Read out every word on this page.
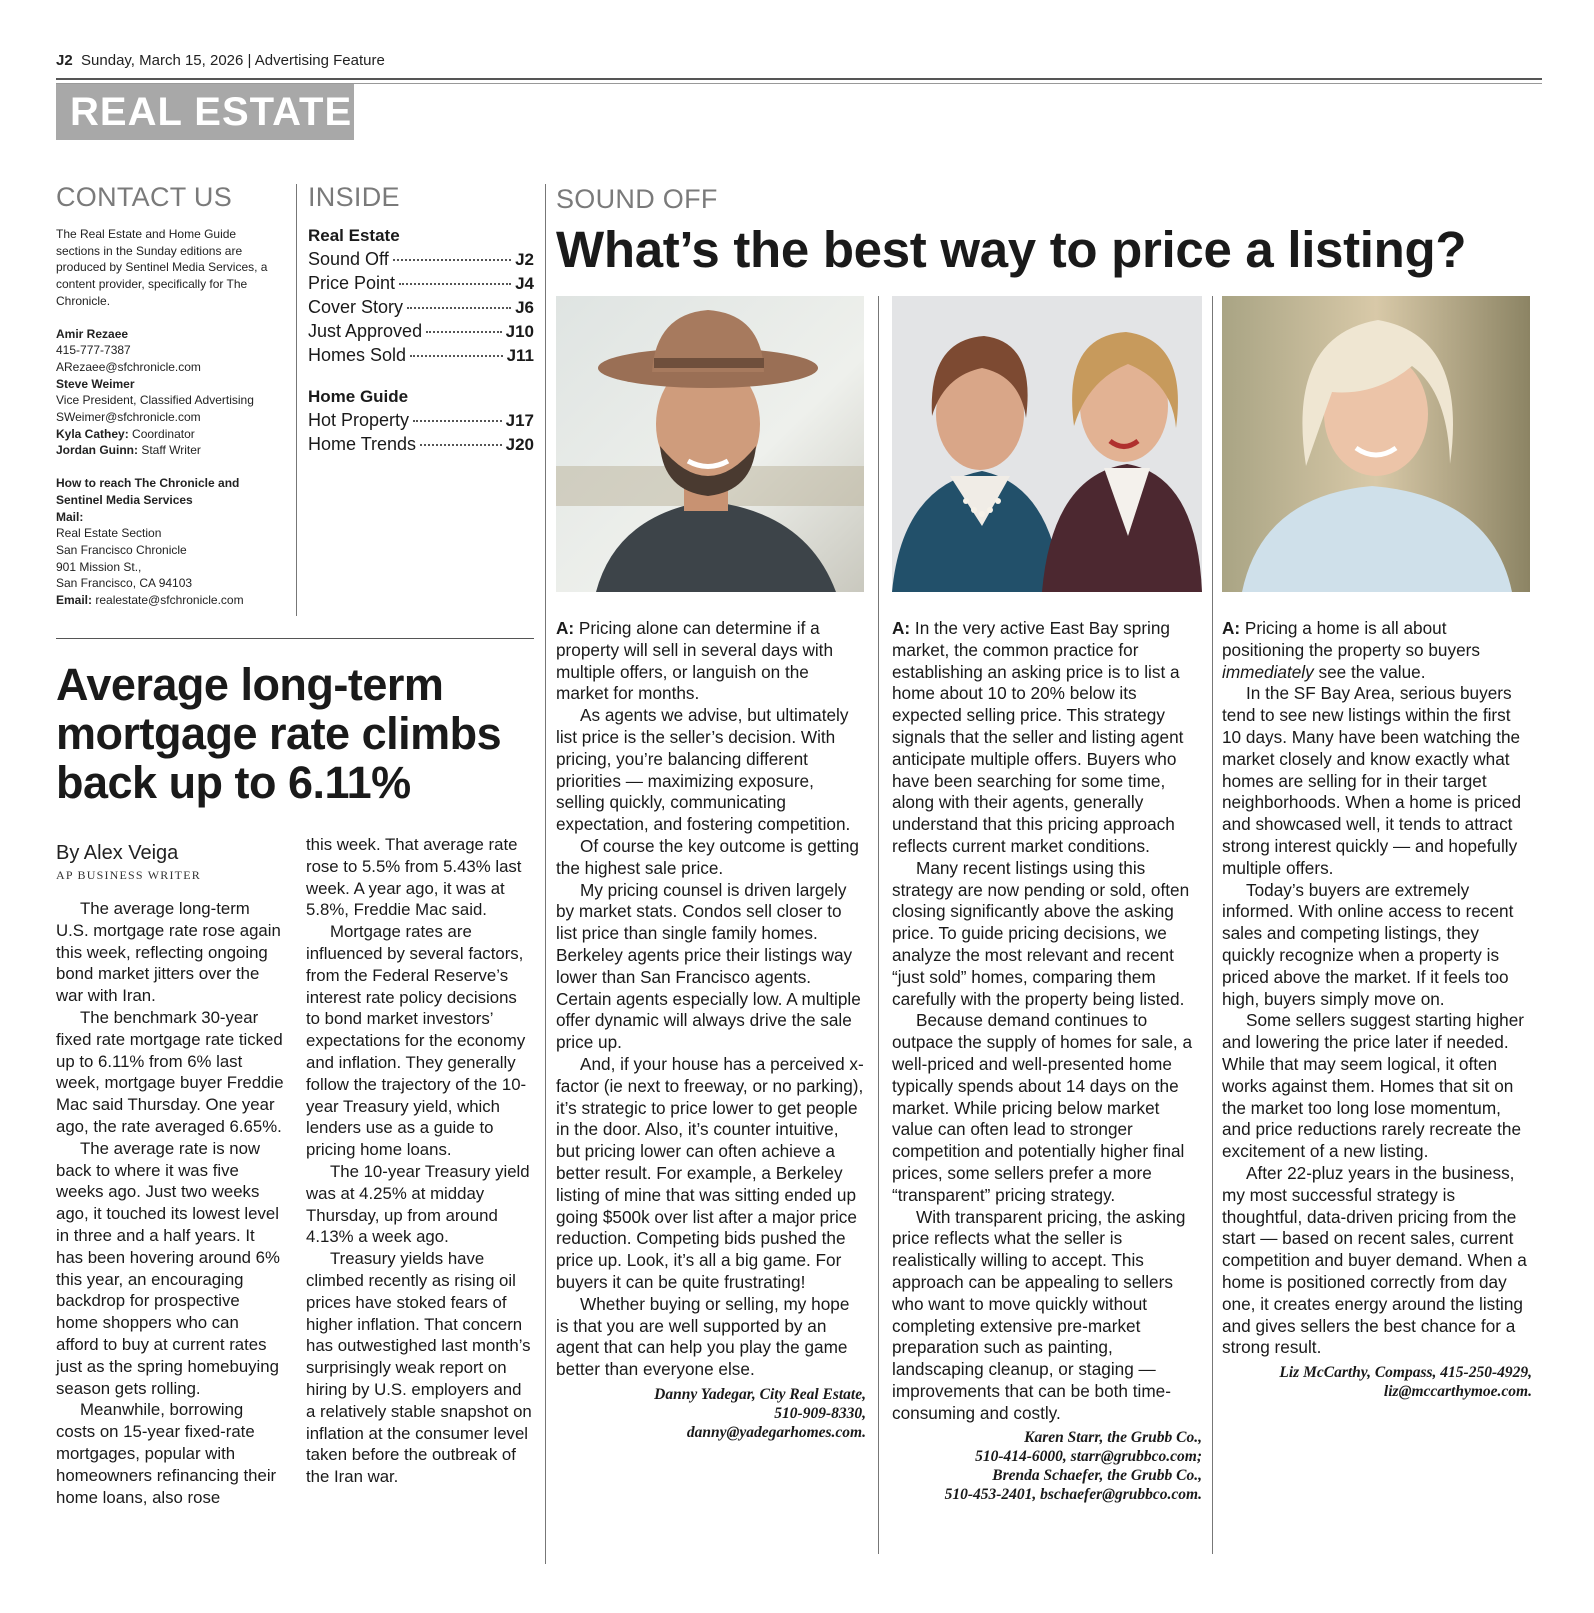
J2 Sunday, March 15, 2026 | Advertising Feature
REAL ESTATE
CONTACT US

The Real Estate and Home Guide sections in the Sunday editions are produced by Sentinel Media Services, a content provider, specifically for The Chronicle.

Amir Rezaee
415-777-7387
ARezaee@sfchronicle.com
Steve Weimer
Vice President, Classified Advertising
SWeimer@sfchronicle.com
Kyla Cathey: Coordinator
Jordan Guinn: Staff Writer

How to reach The Chronicle and Sentinel Media Services
Mail:
Real Estate Section
San Francisco Chronicle
901 Mission St.,
San Francisco, CA 94103
Email: realestate@sfchronicle.com

INSIDE
Real Estate
Sound Off	J2
Price Point	J4
Cover Story	J6
Just Approved	J10
Homes Sold	J11
Home Guide
Hot Property	J17
Home Trends	J20
Average long-term mortgage rate climbs back up to 6.11%
By Alex Veiga
AP BUSINESS WRITER

The average long-term U.S. mortgage rate rose again this week, reflecting ongoing bond market jitters over the war with Iran.

The benchmark 30-year fixed rate mortgage rate ticked up to 6.11% from 6% last week, mortgage buyer Freddie Mac said Thursday. One year ago, the rate averaged 6.65%.

The average rate is now back to where it was five weeks ago. Just two weeks ago, it touched its lowest level in three and a half years. It has been hovering around 6% this year, an encouraging backdrop for prospective home shoppers who can afford to buy at current rates just as the spring homebuying season gets rolling.

Meanwhile, borrowing costs on 15-year fixed-rate mortgages, popular with homeowners refinancing their home loans, also rose

this week. That average rate rose to 5.5% from 5.43% last week. A year ago, it was at 5.8%, Freddie Mac said.

Mortgage rates are influenced by several factors, from the Federal Reserve’s interest rate policy decisions to bond market investors’ expectations for the economy and inflation. They generally follow the trajectory of the 10-year Treasury yield, which lenders use as a guide to pricing home loans.

The 10-year Treasury yield was at 4.25% at midday Thursday, up from around 4.13% a week ago.

Treasury yields have climbed recently as rising oil prices have stoked fears of higher inflation. That concern has outwestighed last month’s surprisingly weak report on hiring by U.S. employers and a relatively stable snapshot on inflation at the consumer level taken before the outbreak of the Iran war.

SOUND OFF
What’s the best way to price a listing?

A: Pricing alone can determine if a property will sell in several days with multiple offers, or languish on the market for months.

As agents we advise, but ultimately list price is the seller’s decision. With pricing, you’re balancing different priorities — maximizing exposure, selling quickly, communicating expectation, and fostering competition.

Of course the key outcome is getting the highest sale price.

My pricing counsel is driven largely by market stats. Condos sell closer to list price than single family homes. Berkeley agents price their listings way lower than San Francisco agents. Certain agents especially low. A multiple offer dynamic will always drive the sale price up.

And, if your house has a perceived x-factor (ie next to freeway, or no parking), it’s strategic to price lower to get people in the door. Also, it’s counter intuitive, but pricing lower can often achieve a better result. For example, a Berkeley listing of mine that was sitting ended up going $500k over list after a major price reduction. Competing bids pushed the price up. Look, it’s all a big game. For buyers it can be quite frustrating!

Whether buying or selling, my hope is that you are well supported by an agent that can help you play the game better than everyone else.

Danny Yadegar, City Real Estate,
510-909-8330,
danny@yadegarhomes.com.

A: In the very active East Bay spring market, the common practice for establishing an asking price is to list a home about 10 to 20% below its expected selling price. This strategy signals that the seller and listing agent anticipate multiple offers. Buyers who have been searching for some time, along with their agents, generally understand that this pricing approach reflects current market conditions.

Many recent listings using this strategy are now pending or sold, often closing significantly above the asking price. To guide pricing decisions, we analyze the most relevant and recent “just sold” homes, comparing them carefully with the property being listed.

Because demand continues to outpace the supply of homes for sale, a well-priced and well-presented home typically spends about 14 days on the market. While pricing below market value can often lead to stronger competition and potentially higher final prices, some sellers prefer a more “transparent” pricing strategy.

With transparent pricing, the asking price reflects what the seller is realistically willing to accept. This approach can be appealing to sellers who want to move quickly without completing extensive pre-market preparation such as painting, landscaping cleanup, or staging — improvements that can be both time-consuming and costly.

Karen Starr, the Grubb Co.,
510-414-6000, starr@grubbco.com;
Brenda Schaefer, the Grubb Co.,
510-453-2401, bschaefer@grubbco.com.

A: Pricing a home is all about positioning the property so buyers immediately see the value.

In the SF Bay Area, serious buyers tend to see new listings within the first 10 days. Many have been watching the market closely and know exactly what homes are selling for in their target neighborhoods. When a home is priced and showcased well, it tends to attract strong interest quickly — and hopefully multiple offers.

Today’s buyers are extremely informed. With online access to recent sales and competing listings, they quickly recognize when a property is priced above the market. If it feels too high, buyers simply move on.

Some sellers suggest starting higher and lowering the price later if needed. While that may seem logical, it often works against them. Homes that sit on the market too long lose momentum, and price reductions rarely recreate the excitement of a new listing.

After 22-pluz years in the business, my most successful strategy is thoughtful, data-driven pricing from the start — based on recent sales, current competition and buyer demand. When a home is positioned correctly from day one, it creates energy around the listing and gives sellers the best chance for a strong result.

Liz McCarthy, Compass, 415-250-4929,
liz@mccarthymoe.com.
